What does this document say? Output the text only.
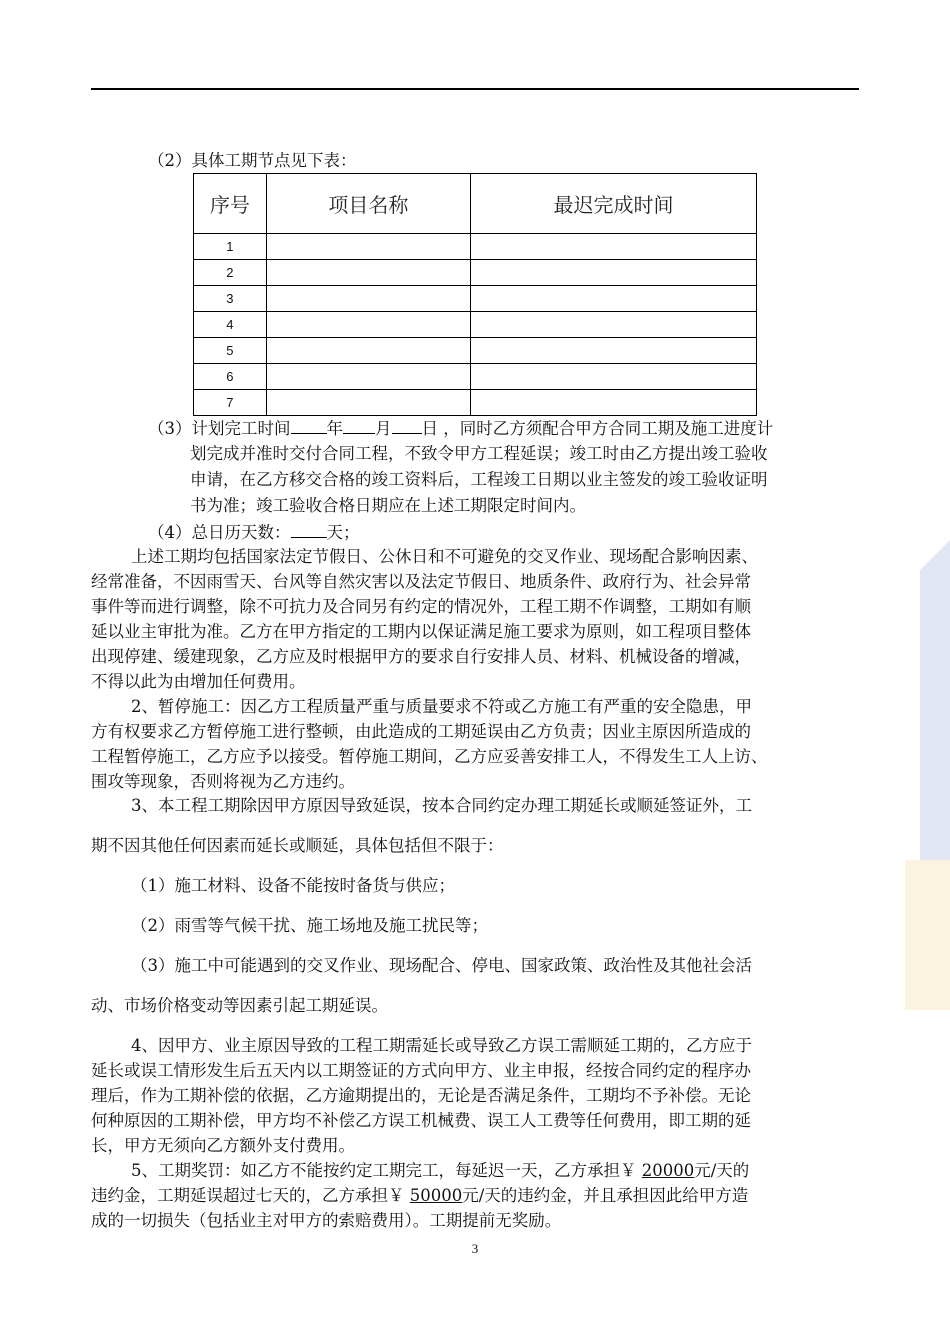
（2）具体工期节点见下表：
序号	项目名称	最迟完成时间
1		
2		
3		
4		
5		
6		
7		
（3）计划完工时间 年 月 日 ，同时乙方须配合甲方合同工期及施工进度计
划完成并准时交付合同工程，不致令甲方工程延误；竣工时由乙方提出竣工验收
申请，在乙方移交合格的竣工资料后，工程竣工日期以业主签发的竣工验收证明
书为准；竣工验收合格日期应在上述工期限定时间内。
（4）总日历天数： 天；
上述工期均包括国家法定节假日、公休日和不可避免的交叉作业、现场配合影响因素、
经常准备，不因雨雪天、台风等自然灾害以及法定节假日、地质条件、政府行为、社会异常
事件等而进行调整，除不可抗力及合同另有约定的情况外，工程工期不作调整，工期如有顺
延以业主审批为准。乙方在甲方指定的工期内以保证满足施工要求为原则，如工程项目整体
出现停建、缓建现象，乙方应及时根据甲方的要求自行安排人员、材料、机械设备的增减，
不得以此为由增加任何费用。
2、暂停施工：因乙方工程质量严重与质量要求不符或乙方施工有严重的安全隐患，甲
方有权要求乙方暂停施工进行整顿，由此造成的工期延误由乙方负责；因业主原因所造成的
工程暂停施工，乙方应予以接受。暂停施工期间，乙方应妥善安排工人，不得发生工人上访、
围攻等现象，否则将视为乙方违约。
3、本工程工期除因甲方原因导致延误，按本合同约定办理工期延长或顺延签证外，工
期不因其他任何因素而延长或顺延，具体包括但不限于：
（1）施工材料、设备不能按时备货与供应；
（2）雨雪等气候干扰、施工场地及施工扰民等；
（3）施工中可能遇到的交叉作业、现场配合、停电、国家政策、政治性及其他社会活
动、市场价格变动等因素引起工期延误。
4、因甲方、业主原因导致的工程工期需延长或导致乙方误工需顺延工期的，乙方应于
延长或误工情形发生后五天内以工期签证的方式向甲方、业主申报，经按合同约定的程序办
理后，作为工期补偿的依据，乙方逾期提出的，无论是否满足条件，工期均不予补偿。无论
何种原因的工期补偿，甲方均不补偿乙方误工机械费、误工人工费等任何费用，即工期的延
长，甲方无须向乙方额外支付费用。
5、工期奖罚：如乙方不能按约定工期完工，每延迟一天，乙方承担￥ 20000元/天的
违约金，工期延误超过七天的，乙方承担￥ 50000元/天的违约金，并且承担因此给甲方造
成的一切损失（包括业主对甲方的索赔费用）。工期提前无奖励。
3
